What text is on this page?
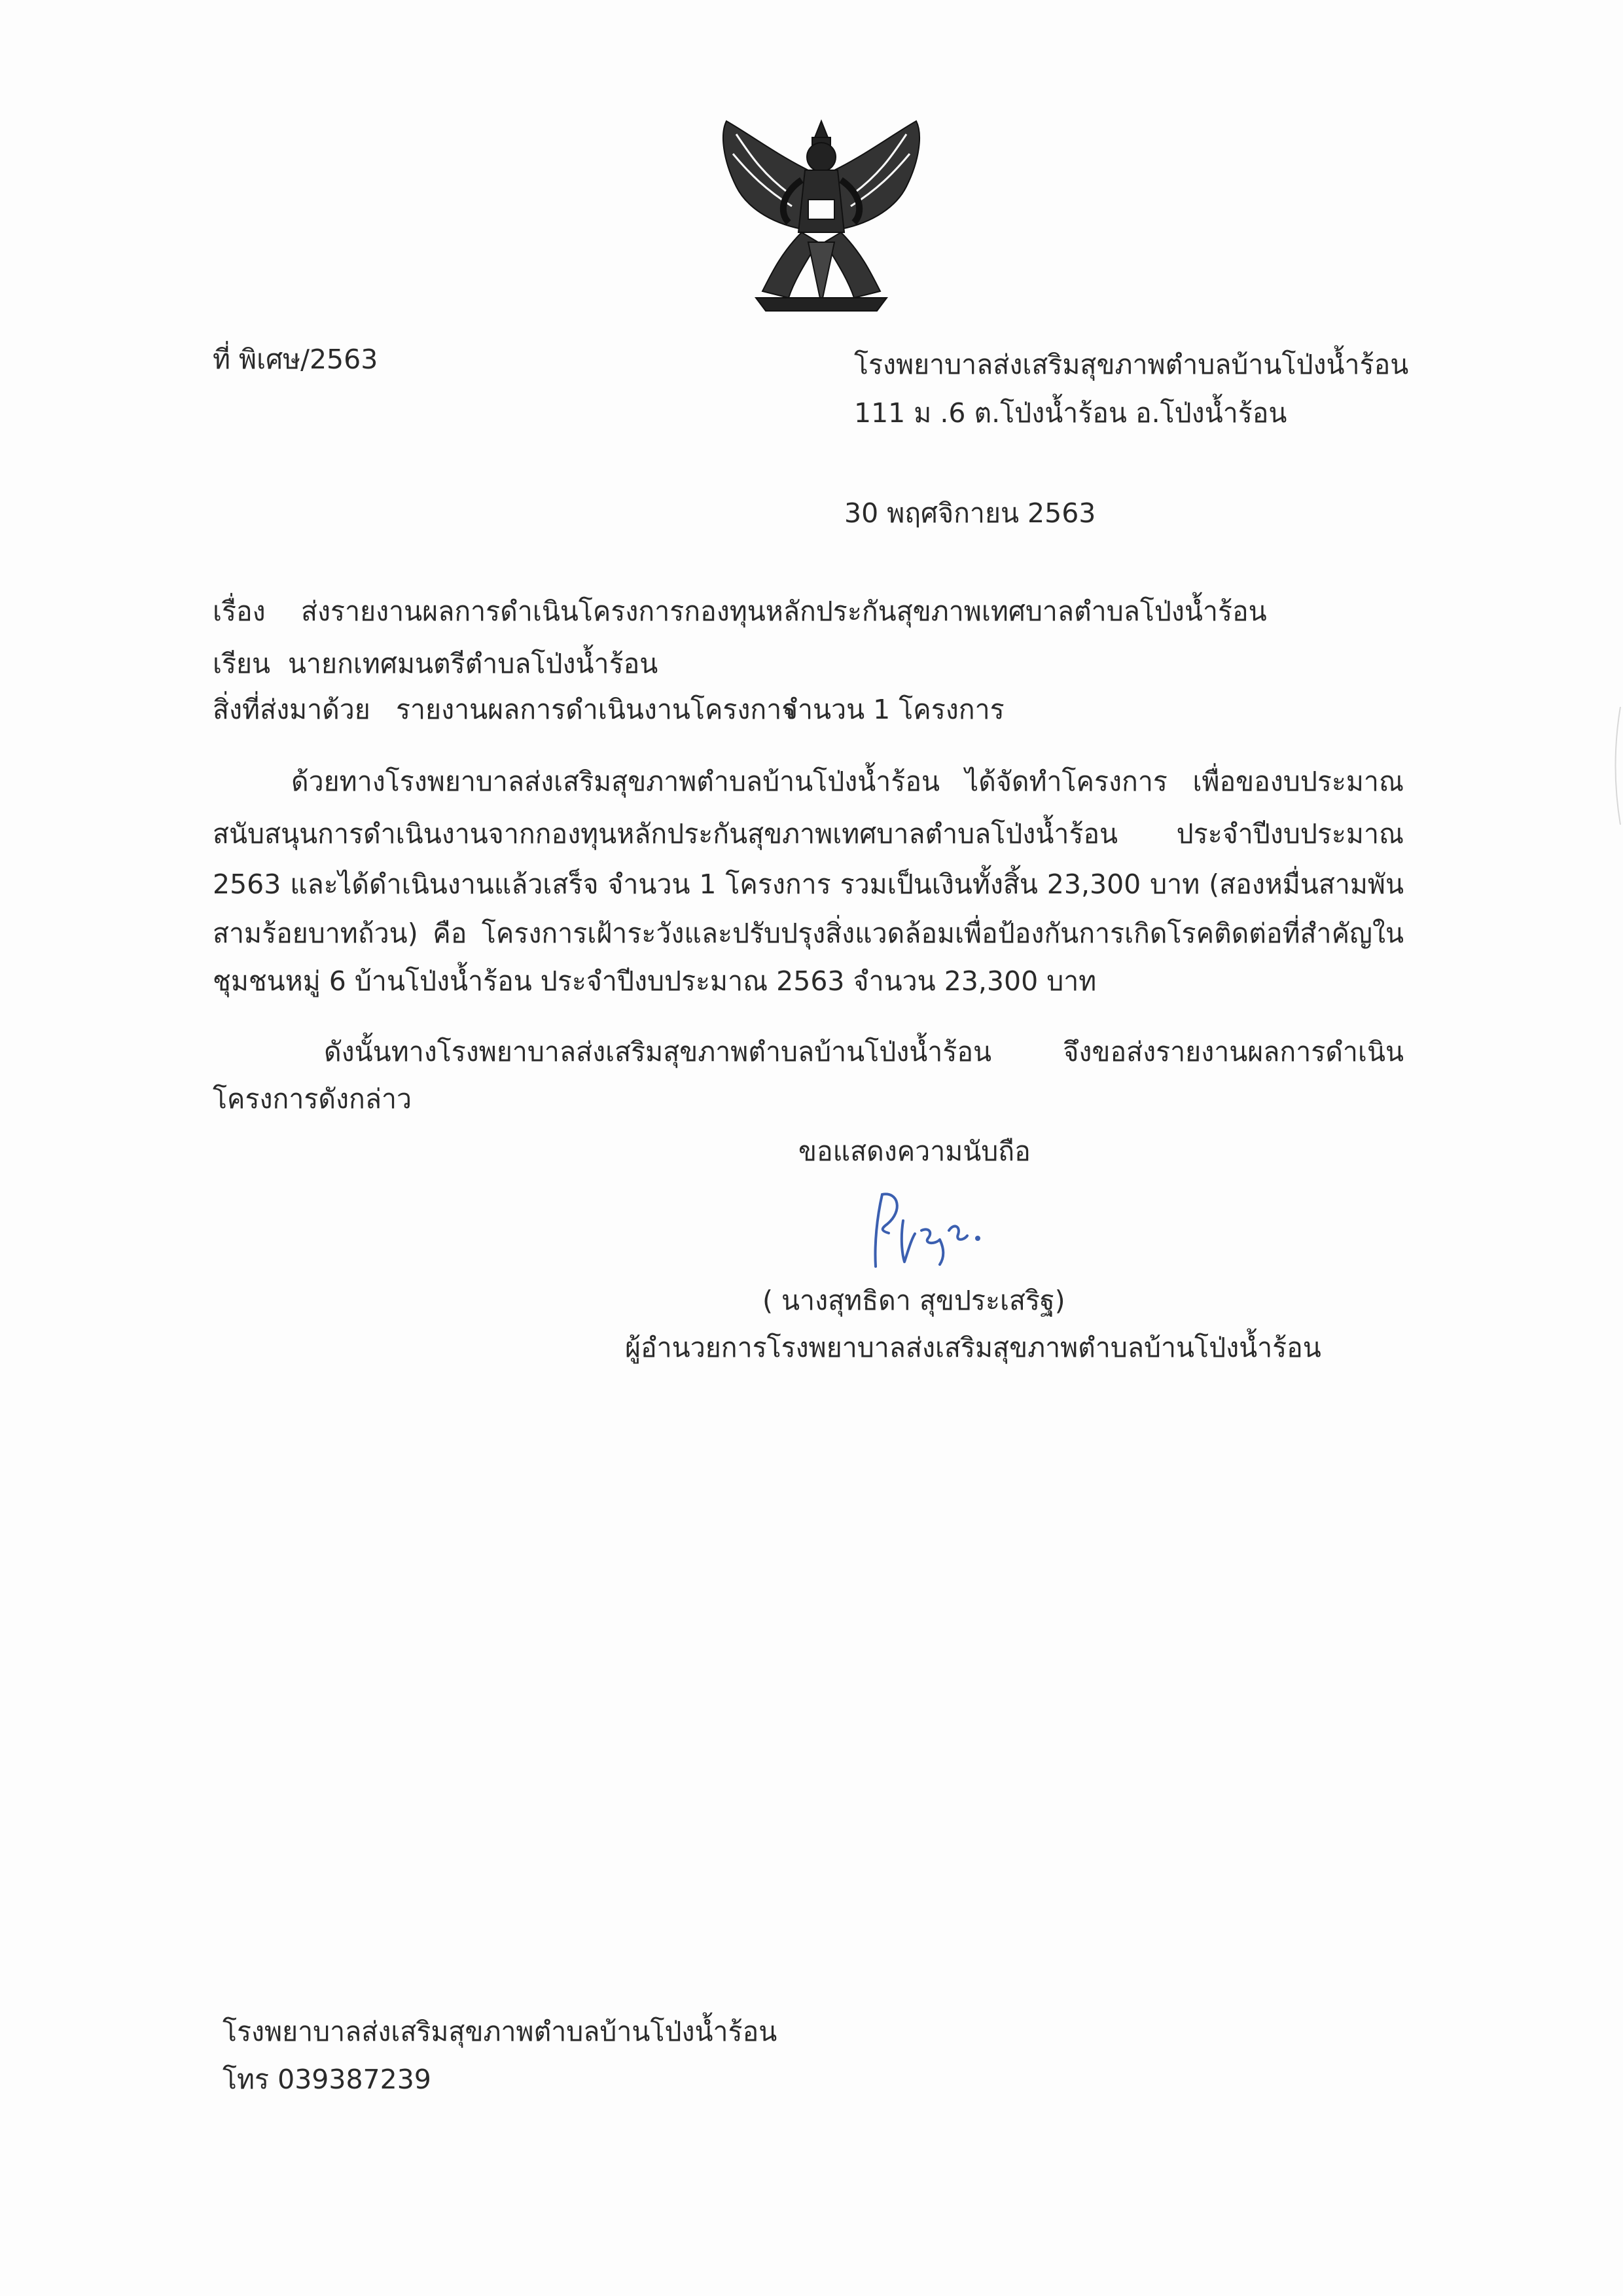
ที่ พิเศษ/2563	โรงพยาบาลส่งเสริมสุขภาพตำบลบ้านโป่งน้ำร้อน
111 ม .6 ต.โป่งน้ำร้อน อ.โป่งน้ำร้อน
30 พฤศจิกายน 2563
เรื่อง ส่งรายงานผลการดำเนินโครงการกองทุนหลักประกันสุขภาพเทศบาลตำบลโป่งน้ำร้อน
เรียน นายกเทศมนตรีตำบลโป่งน้ำร้อน
สิ่งที่ส่งมาด้วย รายงานผลการดำเนินงานโครงการ
จำนวน 1 โครงการ
ด้วยทางโรงพยาบาลส่งเสริมสุขภาพตำบลบ้านโป่งน้ำร้อน ได้จัดทำโครงการ เพื่อของบประมาณ
สนับสนุนการดำเนินงานจากกองทุนหลักประกันสุขภาพเทศบาลตำบลโป่งน้ำร้อน ประจำปีงบประมาณ
2563 และได้ดำเนินงานแล้วเสร็จ จำนวน 1 โครงการ รวมเป็นเงินทั้งสิ้น 23,300 บาท (สองหมื่นสามพัน
สามร้อยบาทถ้วน) คือ โครงการเฝ้าระวังและปรับปรุงสิ่งแวดล้อมเพื่อป้องกันการเกิดโรคติดต่อที่สำคัญใน
ชุมชนหมู่ 6 บ้านโป่งน้ำร้อน ประจำปีงบประมาณ 2563 จำนวน 23,300 บาท
ดังนั้นทางโรงพยาบาลส่งเสริมสุขภาพตำบลบ้านโป่งน้ำร้อน จึงขอส่งรายงานผลการดำเนิน
โครงการดังกล่าว
ขอแสดงความนับถือ
( นางสุทธิดา สุขประเสริฐ)
ผู้อำนวยการโรงพยาบาลส่งเสริมสุขภาพตำบลบ้านโป่งน้ำร้อน
โรงพยาบาลส่งเสริมสุขภาพตำบลบ้านโป่งน้ำร้อน
โทร 039387239
